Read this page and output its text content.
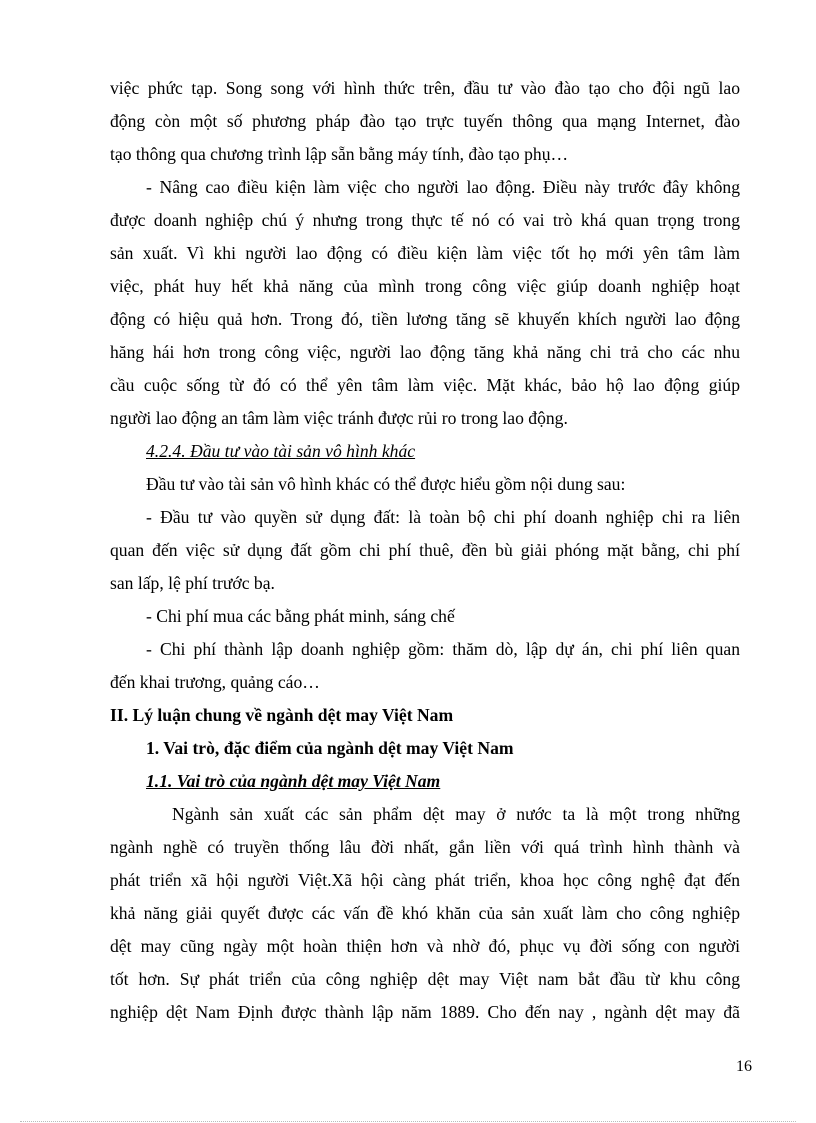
việc phức tạp. Song song với hình thức trên, đầu tư vào đào tạo cho đội ngũ lao
động còn một số phương pháp đào tạo trực tuyến thông qua mạng Internet, đào
tạo thông qua chương trình lập sẵn bằng máy tính, đào tạo phụ…
- Nâng cao điều kiện làm việc cho người lao động. Điều này trước đây không
được doanh nghiệp chú ý nhưng trong thực tế nó có vai trò khá quan trọng trong
sản xuất. Vì khi người lao động có điều kiện làm việc tốt họ mới yên tâm làm
việc, phát huy hết khả năng của mình trong công việc giúp doanh nghiệp hoạt
động có hiệu quả hơn. Trong đó, tiền lương tăng sẽ khuyến khích người lao động
hăng hái hơn trong công việc, người lao động tăng khả năng chi trả cho các nhu
cầu cuộc sống từ đó có thể yên tâm làm việc. Mặt khác, bảo hộ lao động giúp
người lao động an tâm làm việc tránh được rủi ro trong lao động.
4.2.4. Đầu tư vào tài sản vô hình khác
Đầu tư vào tài sản vô hình khác có thể được hiểu gồm nội dung sau:
- Đầu tư vào quyền sử dụng đất: là toàn bộ chi phí doanh nghiệp chi ra liên
quan đến việc sử dụng đất gồm chi phí thuê, đền bù giải phóng mặt bằng, chi phí
san lấp, lệ phí trước bạ.
- Chi phí mua các bằng phát minh, sáng chế
- Chi phí thành lập doanh nghiệp gồm: thăm dò, lập dự án, chi phí liên quan
đến khai trương, quảng cáo…
II. Lý luận chung về ngành dệt may Việt Nam
1. Vai trò, đặc điểm của ngành dệt may Việt Nam
1.1. Vai trò của ngành dệt may Việt Nam
Ngành sản xuất các sản phẩm dệt may ở nước ta là một trong những
ngành nghề có truyền thống lâu đời nhất, gắn liền với quá trình hình thành và
phát triển xã hội người Việt.Xã hội càng phát triển, khoa học công nghệ đạt đến
khả năng giải quyết được các vấn đề khó khăn của sản xuất làm cho công nghiệp
dệt may cũng ngày một hoàn thiện hơn và nhờ đó, phục vụ đời sống con người
tốt hơn. Sự phát triển của công nghiệp dệt may Việt nam bắt đầu từ khu công
nghiệp dệt Nam Định được thành lập năm 1889. Cho đến nay , ngành dệt may đã
16
